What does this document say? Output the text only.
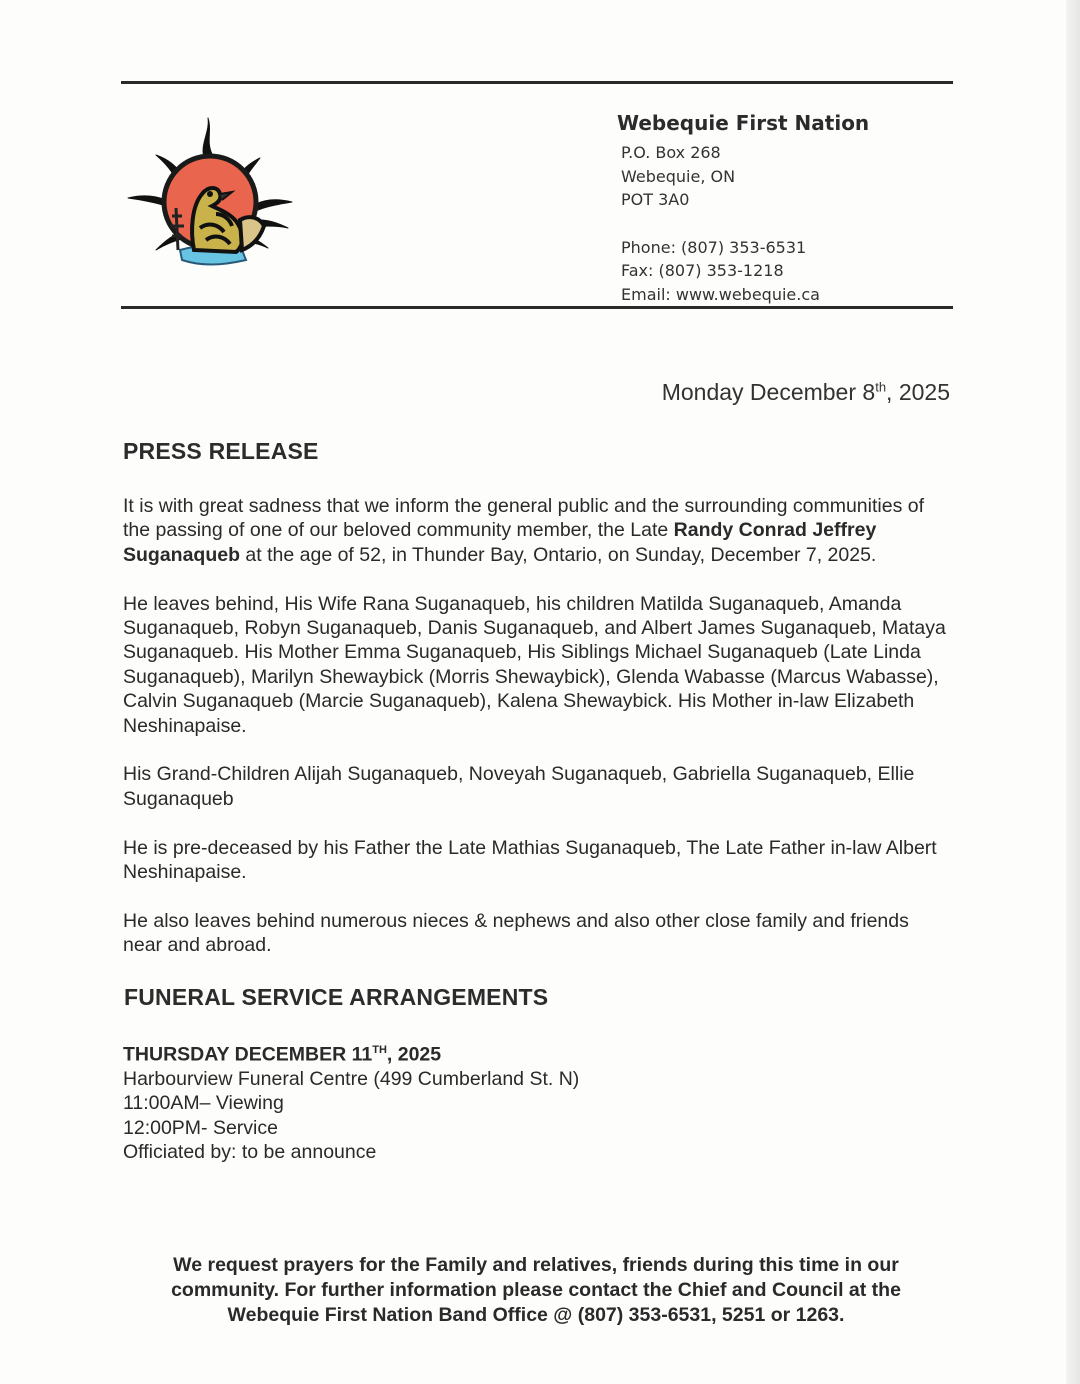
Webequie First Nation
P.O. Box 268
Webequie, ON
POT 3A0
Phone: (807) 353-6531
Fax: (807) 353-1218
Email: www.webequie.ca
Monday December 8th, 2025
PRESS RELEASE

It is with great sadness that we inform the general public and the surrounding communities of the passing of one of our beloved community member, the Late Randy Conrad Jeffrey Suganaqueb at the age of 52, in Thunder Bay, Ontario, on Sunday, December 7, 2025.

He leaves behind, His Wife Rana Suganaqueb, his children Matilda Suganaqueb, Amanda Suganaqueb, Robyn Suganaqueb, Danis Suganaqueb, and Albert James Suganaqueb, Mataya Suganaqueb. His Mother Emma Suganaqueb, His Siblings Michael Suganaqueb (Late Linda Suganaqueb), Marilyn Shewaybick (Morris Shewaybick), Glenda Wabasse (Marcus Wabasse), Calvin Suganaqueb (Marcie Suganaqueb), Kalena Shewaybick. His Mother in-law Elizabeth Neshinapaise.

His Grand-Children Alijah Suganaqueb, Noveyah Suganaqueb, Gabriella Suganaqueb, Ellie Suganaqueb

He is pre-deceased by his Father the Late Mathias Suganaqueb, The Late Father in-law Albert Neshinapaise.

He also leaves behind numerous nieces & nephews and also other close family and friends near and abroad.

FUNERAL SERVICE ARRANGEMENTS
THURSDAY DECEMBER 11TH, 2025
Harbourview Funeral Centre (499 Cumberland St. N)
11:00AM– Viewing
12:00PM- Service
Officiated by: to be announce
We request prayers for the Family and relatives, friends during this time in our
community. For further information please contact the Chief and Council at the
Webequie First Nation Band Office @ (807) 353-6531, 5251 or 1263.
